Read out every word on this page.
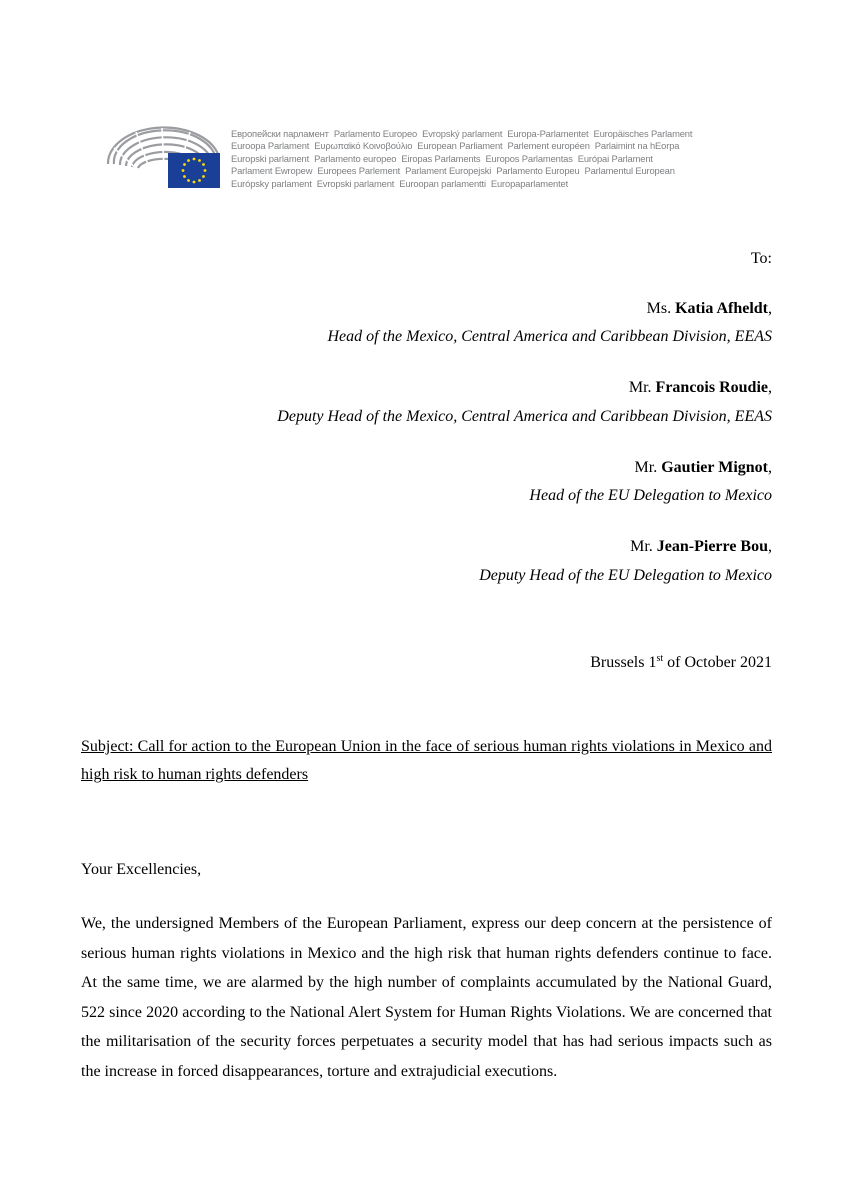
Европейски парламент Parlamento Europeo Evropský parlament Europa-Parlamentet Europäisches Parlament
Euroopa Parlament Ευρωπαϊκό Κοινοβούλιο European Parliament Parlement européen Parlaimint na hEorpa
Europski parlament Parlamento europeo Eiropas Parlaments Europos Parlamentas Európai Parlament
Parlament Ewropew Europees Parlement Parlament Europejski Parlamento Europeu Parlamentul European
Európsky parlament Evropski parlament Euroopan parlamentti Europaparlamentet
To:
Ms. Katia Afheldt,
Head of the Mexico, Central America and Caribbean Division, EEAS
Mr. Francois Roudie,
Deputy Head of the Mexico, Central America and Caribbean Division, EEAS
Mr. Gautier Mignot,
Head of the EU Delegation to Mexico
Mr. Jean-Pierre Bou,
Deputy Head of the EU Delegation to Mexico
Brussels 1st of October 2021
Subject: Call for action to the European Union in the face of serious human rights violations in Mexico and high risk to human rights defenders
Your Excellencies,
We, the undersigned Members of the European Parliament, express our deep concern at the persistence of serious human rights violations in Mexico and the high risk that human rights defenders continue to face. At the same time, we are alarmed by the high number of complaints accumulated by the National Guard, 522 since 2020 according to the National Alert System for Human Rights Violations. We are concerned that the militarisation of the security forces perpetuates a security model that has had serious impacts such as the increase in forced disappearances, torture and extrajudicial executions.
